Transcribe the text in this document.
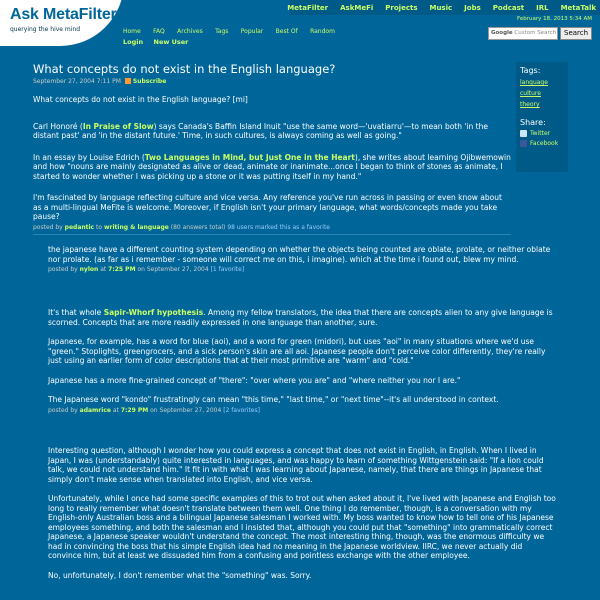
Ask MetaFilter
querying the hive mind
MetaFilter AskMeFi Projects Music Jobs Podcast IRL MetaTalk
February 18, 2013 5:34 AM
Home FAQ Archives Tags Popular Best Of Random
Login New User
Google Custom Search	Search
What concepts do not exist in the English language?
September 27, 2004 7:11 PM Subscribe
What concepts do not exist in the English language? [mi]
Carl Honoré (In Praise of Slow) says Canada's Baffin Island Inuit "use the same word—'uvatiarru'—to mean both 'in the distant past' and 'in the distant future.' Time, in such cultures, is always coming as well as going."
In an essay by Louise Edrich (Two Languages in Mind, but Just One in the Heart), she writes about learning Ojibwemowin and how "nouns are mainly designated as alive or dead, animate or inanimate...once I began to think of stones as animate, I started to wonder whether I was picking up a stone or it was putting itself in my hand."
I'm fascinated by language reflecting culture and vice versa. Any reference you've run across in passing or even know about as a multi-lingual MeFite is welcome. Moreover, if English isn't your primary language, what words/concepts made you take pause?
posted by pedantic to writing & language (80 answers total) 98 users marked this as a favorite
the japanese have a different counting system depending on whether the objects being counted are oblate, prolate, or neither oblate nor prolate. (as far as i remember - someone will correct me on this, i imagine). which at the time i found out, blew my mind.
posted by nylon at 7:25 PM on September 27, 2004 [1 favorite]
It's that whole Sapir-Whorf hypothesis. Among my fellow translators, the idea that there are concepts alien to any give language is scorned. Concepts that are more readily expressed in one language than another, sure.
Japanese, for example, has a word for blue (aoi), and a word for green (midori), but uses "aoi" in many situations where we'd use "green." Stoplights, greengrocers, and a sick person's skin are all aoi. Japanese people don't perceive color differently, they're really just using an earlier form of color descriptions that at their most primitive are "warm" and "cold."
Japanese has a more fine-grained concept of "there": "over where you are" and "where neither you nor I are."
The Japanese word "kondo" frustratingly can mean "this time," "last time," or "next time"--it's all understood in context.
posted by adamrice at 7:29 PM on September 27, 2004 [2 favorites]
Interesting question, although I wonder how you could express a concept that does not exist in English, in English. When I lived in Japan, I was (understandably) quite interested in languages, and was happy to learn of something Wittgenstein said: "If a lion could talk, we could not understand him." It fit in with what I was learning about Japanese, namely, that there are things in Japanese that simply don't make sense when translated into English, and vice versa.
Unfortunately, while I once had some specific examples of this to trot out when asked about it, I've lived with Japanese and English too long to really remember what doesn't translate between them well. One thing I do remember, though, is a conversation with my English-only Australian boss and a bilingual Japanese salesman I worked with. My boss wanted to know how to tell one of his Japanese employees something, and both the salesman and I insisted that, although you could put that "something" into grammatically correct Japanese, a Japanese speaker wouldn't understand the concept. The most interesting thing, though, was the enormous difficulty we had in convincing the boss that his simple English idea had no meaning in the Japanese worldview. IIRC, we never actually did convince him, but at least we dissuaded him from a confusing and pointless exchange with the other employee.
No, unfortunately, I don't remember what the "something" was. Sorry.
Tags:
language
culture
theory
Share:
Twitter
Facebook
